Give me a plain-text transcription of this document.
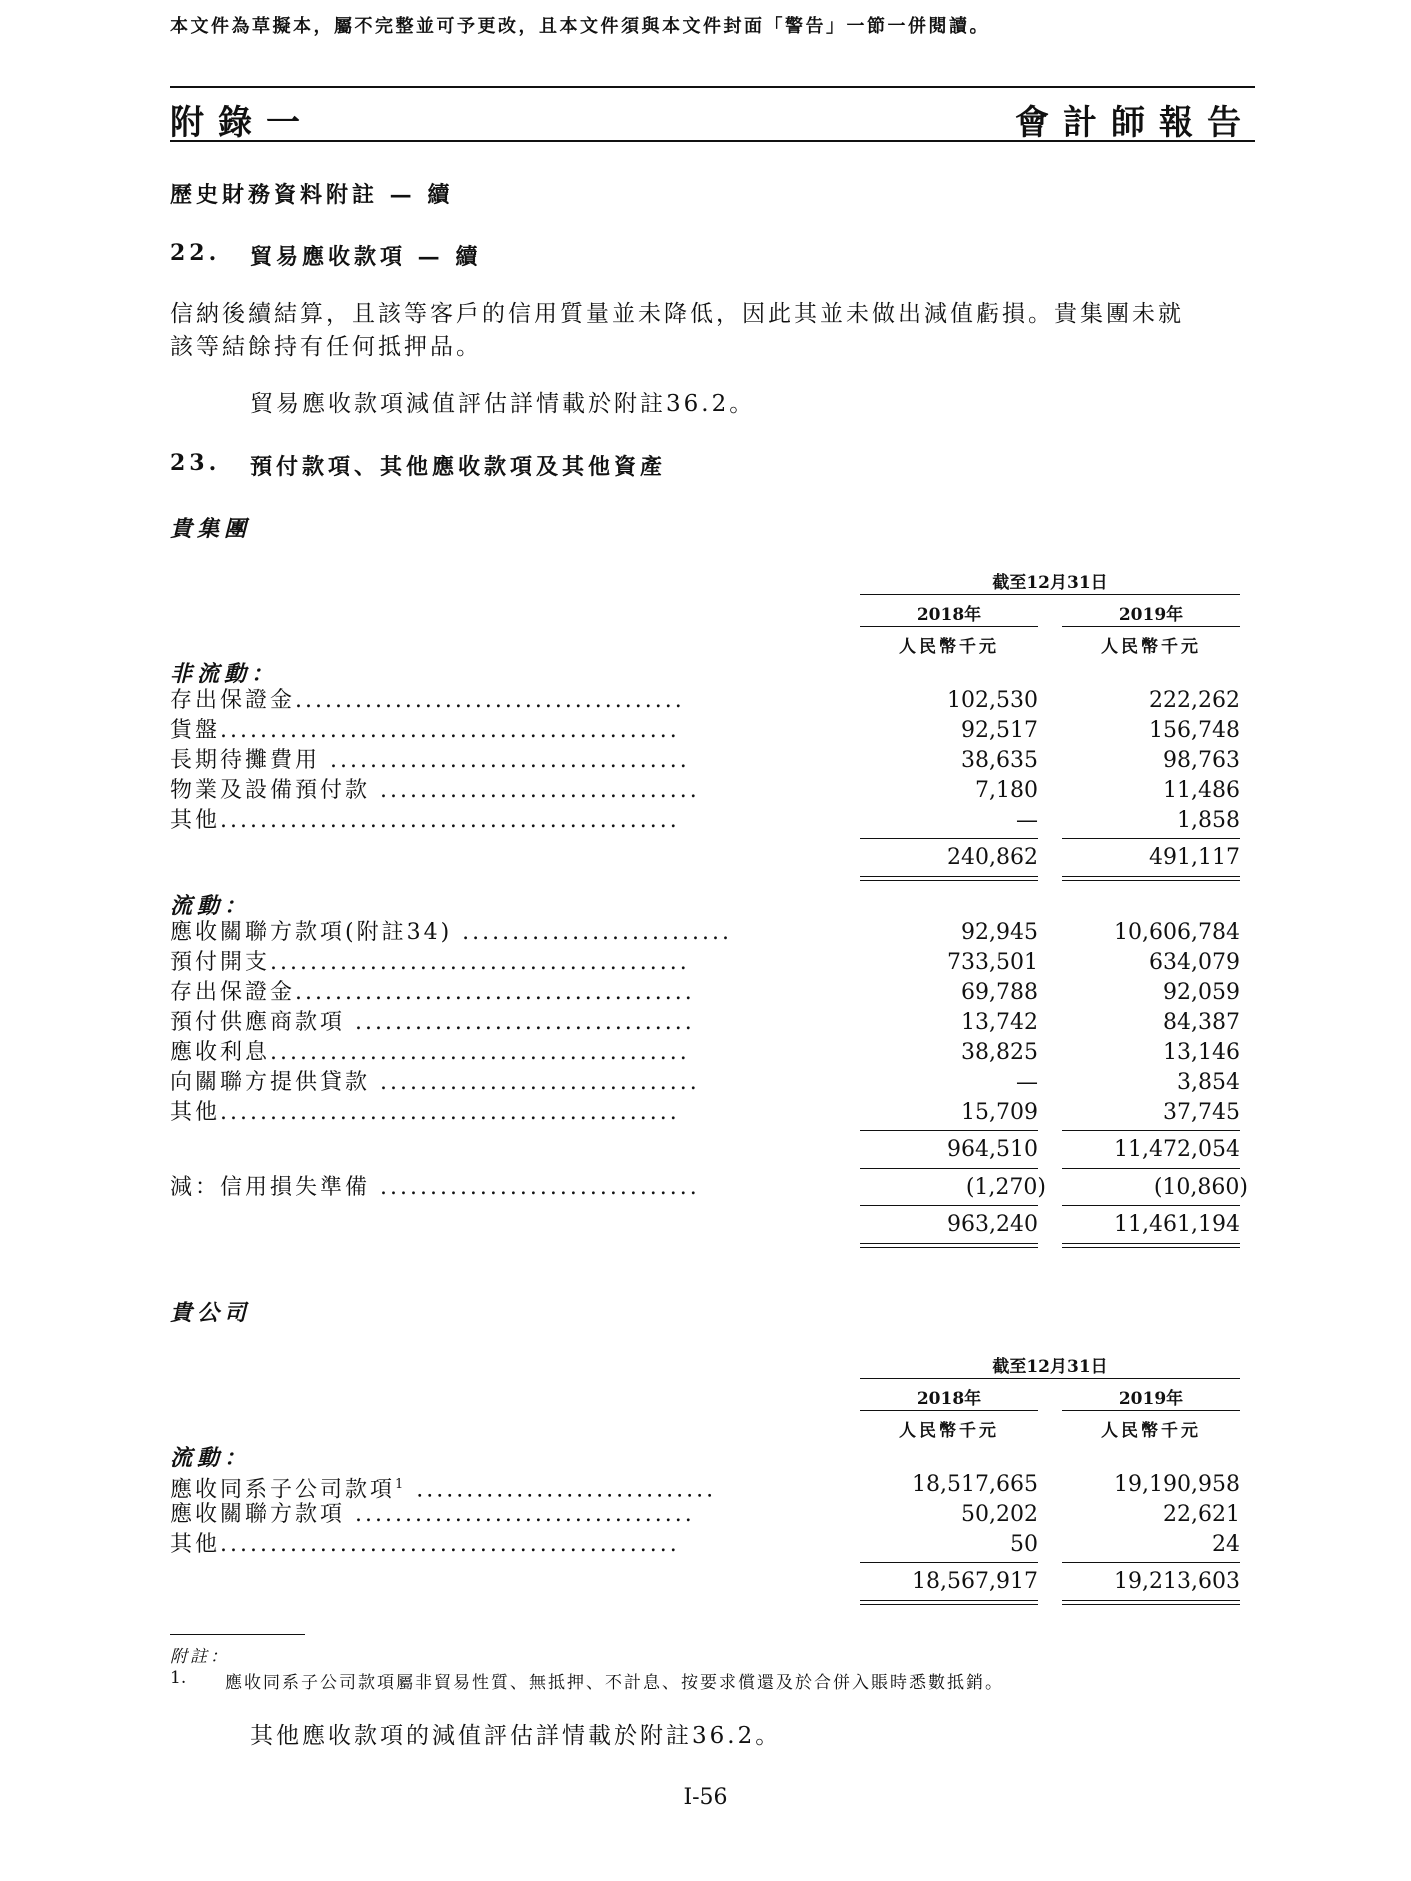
本文件為草擬本，屬不完整並可予更改，且本文件須與本文件封面「警告」一節一併閱讀。
附錄一	會計師報告
歷史財務資料附註 — 續
22. 貿易應收款項 — 續
信納後續結算，且該等客戶的信用質量並未降低，因此其並未做出減值虧損。貴集團未就
該等結餘持有任何抵押品。
貿易應收款項減值評估詳情載於附註36.2。
23. 預付款項、其他應收款項及其他資產
貴集團
截至12月31日
2018年	2019年
人民幣千元	人民幣千元
非流動：
存出保證金.......................................	102,530	222,262
貨盤..............................................	92,517	156,748
長期待攤費用 ....................................	38,635	98,763
物業及設備預付款 ................................	7,180	11,486
其他..............................................	—	1,858
240,862	491,117
流動：
應收關聯方款項(附註34) ...........................	92,945	10,606,784
預付開支..........................................	733,501	634,079
存出保證金........................................	69,788	92,059
預付供應商款項 ..................................	13,742	84,387
應收利息..........................................	38,825	13,146
向關聯方提供貸款 ................................	—	3,854
其他..............................................	15,709	37,745
964,510	11,472,054
減：信用損失準備 ................................	(1,270)	(10,860)
963,240	11,461,194
貴公司
截至12月31日
2018年	2019年
人民幣千元	人民幣千元
流動：
應收同系子公司款項$^1$ ..............................	18,517,665	19,190,958
應收關聯方款項 ..................................	50,202	22,621
其他..............................................	50	24
18,567,917	19,213,603
附註：
1. 應收同系子公司款項屬非貿易性質、無抵押、不計息、按要求償還及於合併入賬時悉數抵銷。
其他應收款項的減值評估詳情載於附註36.2。
I-56
